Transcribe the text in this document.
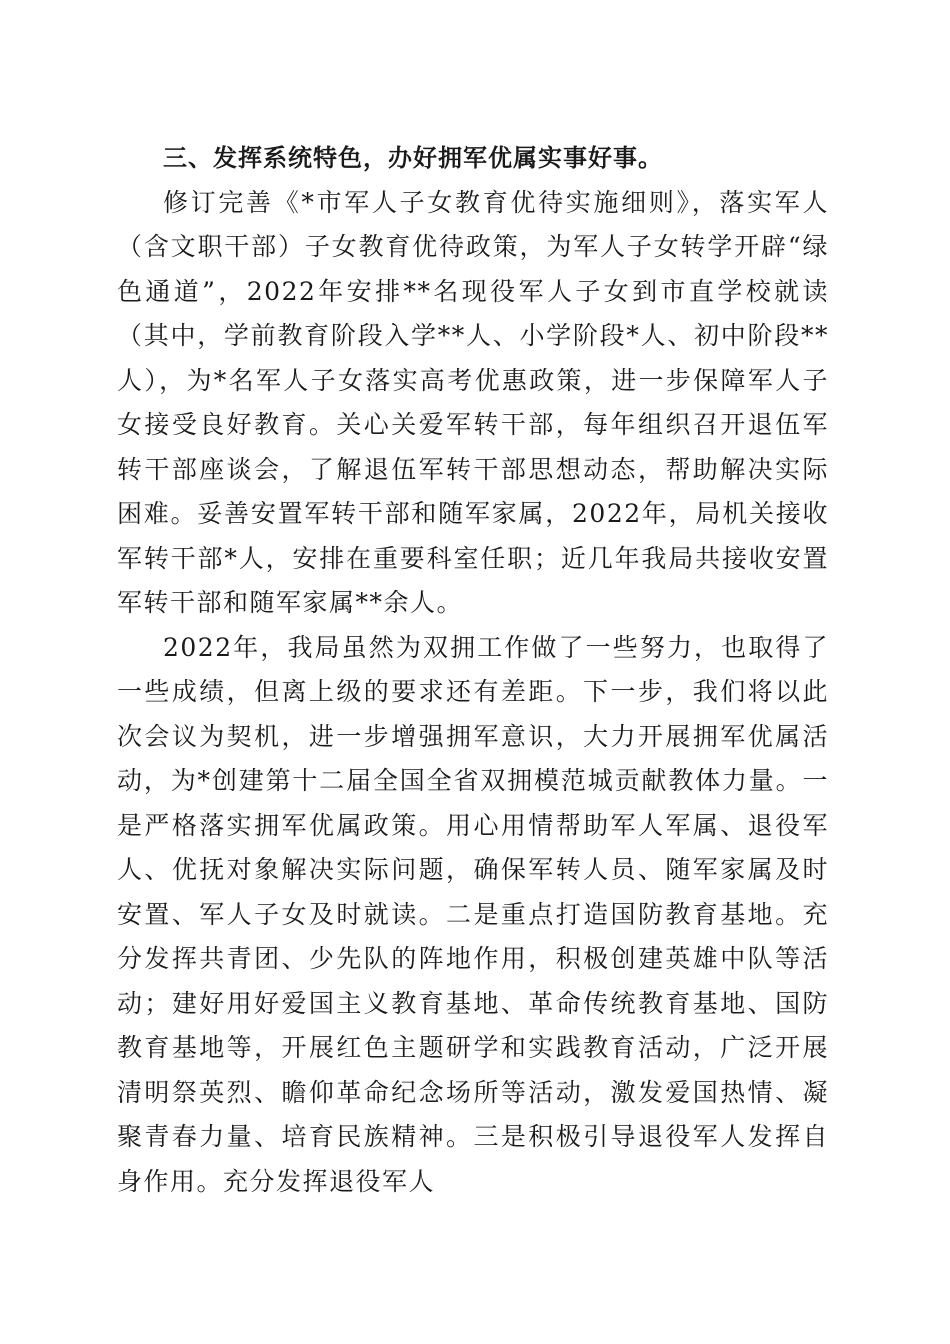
三、发挥系统特色，办好拥军优属实事好事。

修订完善《*市军人子女教育优待实施细则》，落实军人（含文职干部）子女教育优待政策，为军人子女转学开辟“绿色通道”，2022年安排**名现役军人子女到市直学校就读（其中，学前教育阶段入学**人、小学阶段*人、初中阶段**人），为*名军人子女落实高考优惠政策，进一步保障军人子女接受良好教育。关心关爱军转干部，每年组织召开退伍军转干部座谈会，了解退伍军转干部思想动态，帮助解决实际困难。妥善安置军转干部和随军家属，2022年，局机关接收军转干部*人，安排在重要科室任职；近几年我局共接收安置军转干部和随军家属**余人。

2022年，我局虽然为双拥工作做了一些努力，也取得了一些成绩，但离上级的要求还有差距。下一步，我们将以此次会议为契机，进一步增强拥军意识，大力开展拥军优属活动，为*创建第十二届全国全省双拥模范城贡献教体力量。一是严格落实拥军优属政策。用心用情帮助军人军属、退役军人、优抚对象解决实际问题，确保军转人员、随军家属及时安置、军人子女及时就读。二是重点打造国防教育基地。充分发挥共青团、少先队的阵地作用，积极创建英雄中队等活动；建好用好爱国主义教育基地、革命传统教育基地、国防教育基地等，开展红色主题研学和实践教育活动，广泛开展清明祭英烈、瞻仰革命纪念场所等活动，激发爱国热情、凝聚青春力量、培育民族精神。三是积极引导退役军人发挥自身作用。充分发挥退役军人
